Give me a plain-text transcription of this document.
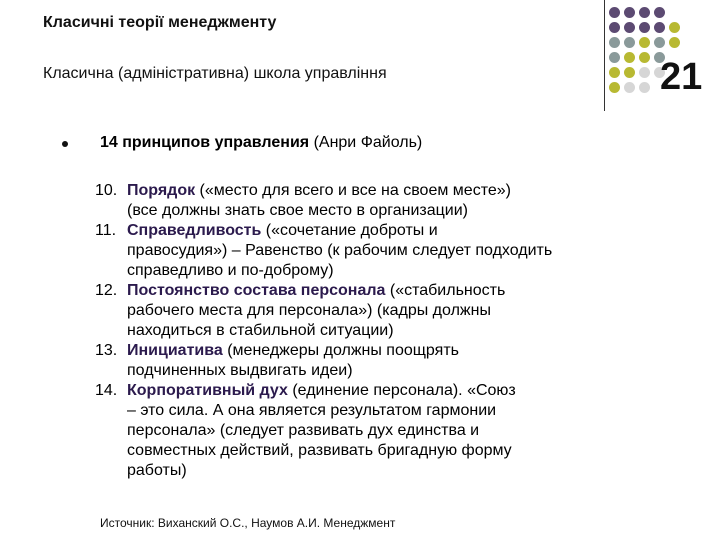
Класичні теорії менеджменту
Класична (адміністративна) школа управління	21
14 принципов управления (Анри Файоль)
10. Порядок («место для всего и все на своем месте»)
(все должны знать свое место в организации)
11. Справедливость («сочетание доброты и
правосудия») – Равенство (к рабочим следует подходить
справедливо и по-доброму)
12. Постоянство состава персонала («стабильность
рабочего места для персонала») (кадры должны
находиться в стабильной ситуации)
13. Инициатива (менеджеры должны поощрять
подчиненных выдвигать идеи)
14. Корпоративный дух (единение персонала). «Союз
– это сила. А она является результатом гармонии
персонала» (следует развивать дух единства и
совместных действий, развивать бригадную форму
работы)
Источник: Виханский О.С., Наумов А.И. Менеджмент
